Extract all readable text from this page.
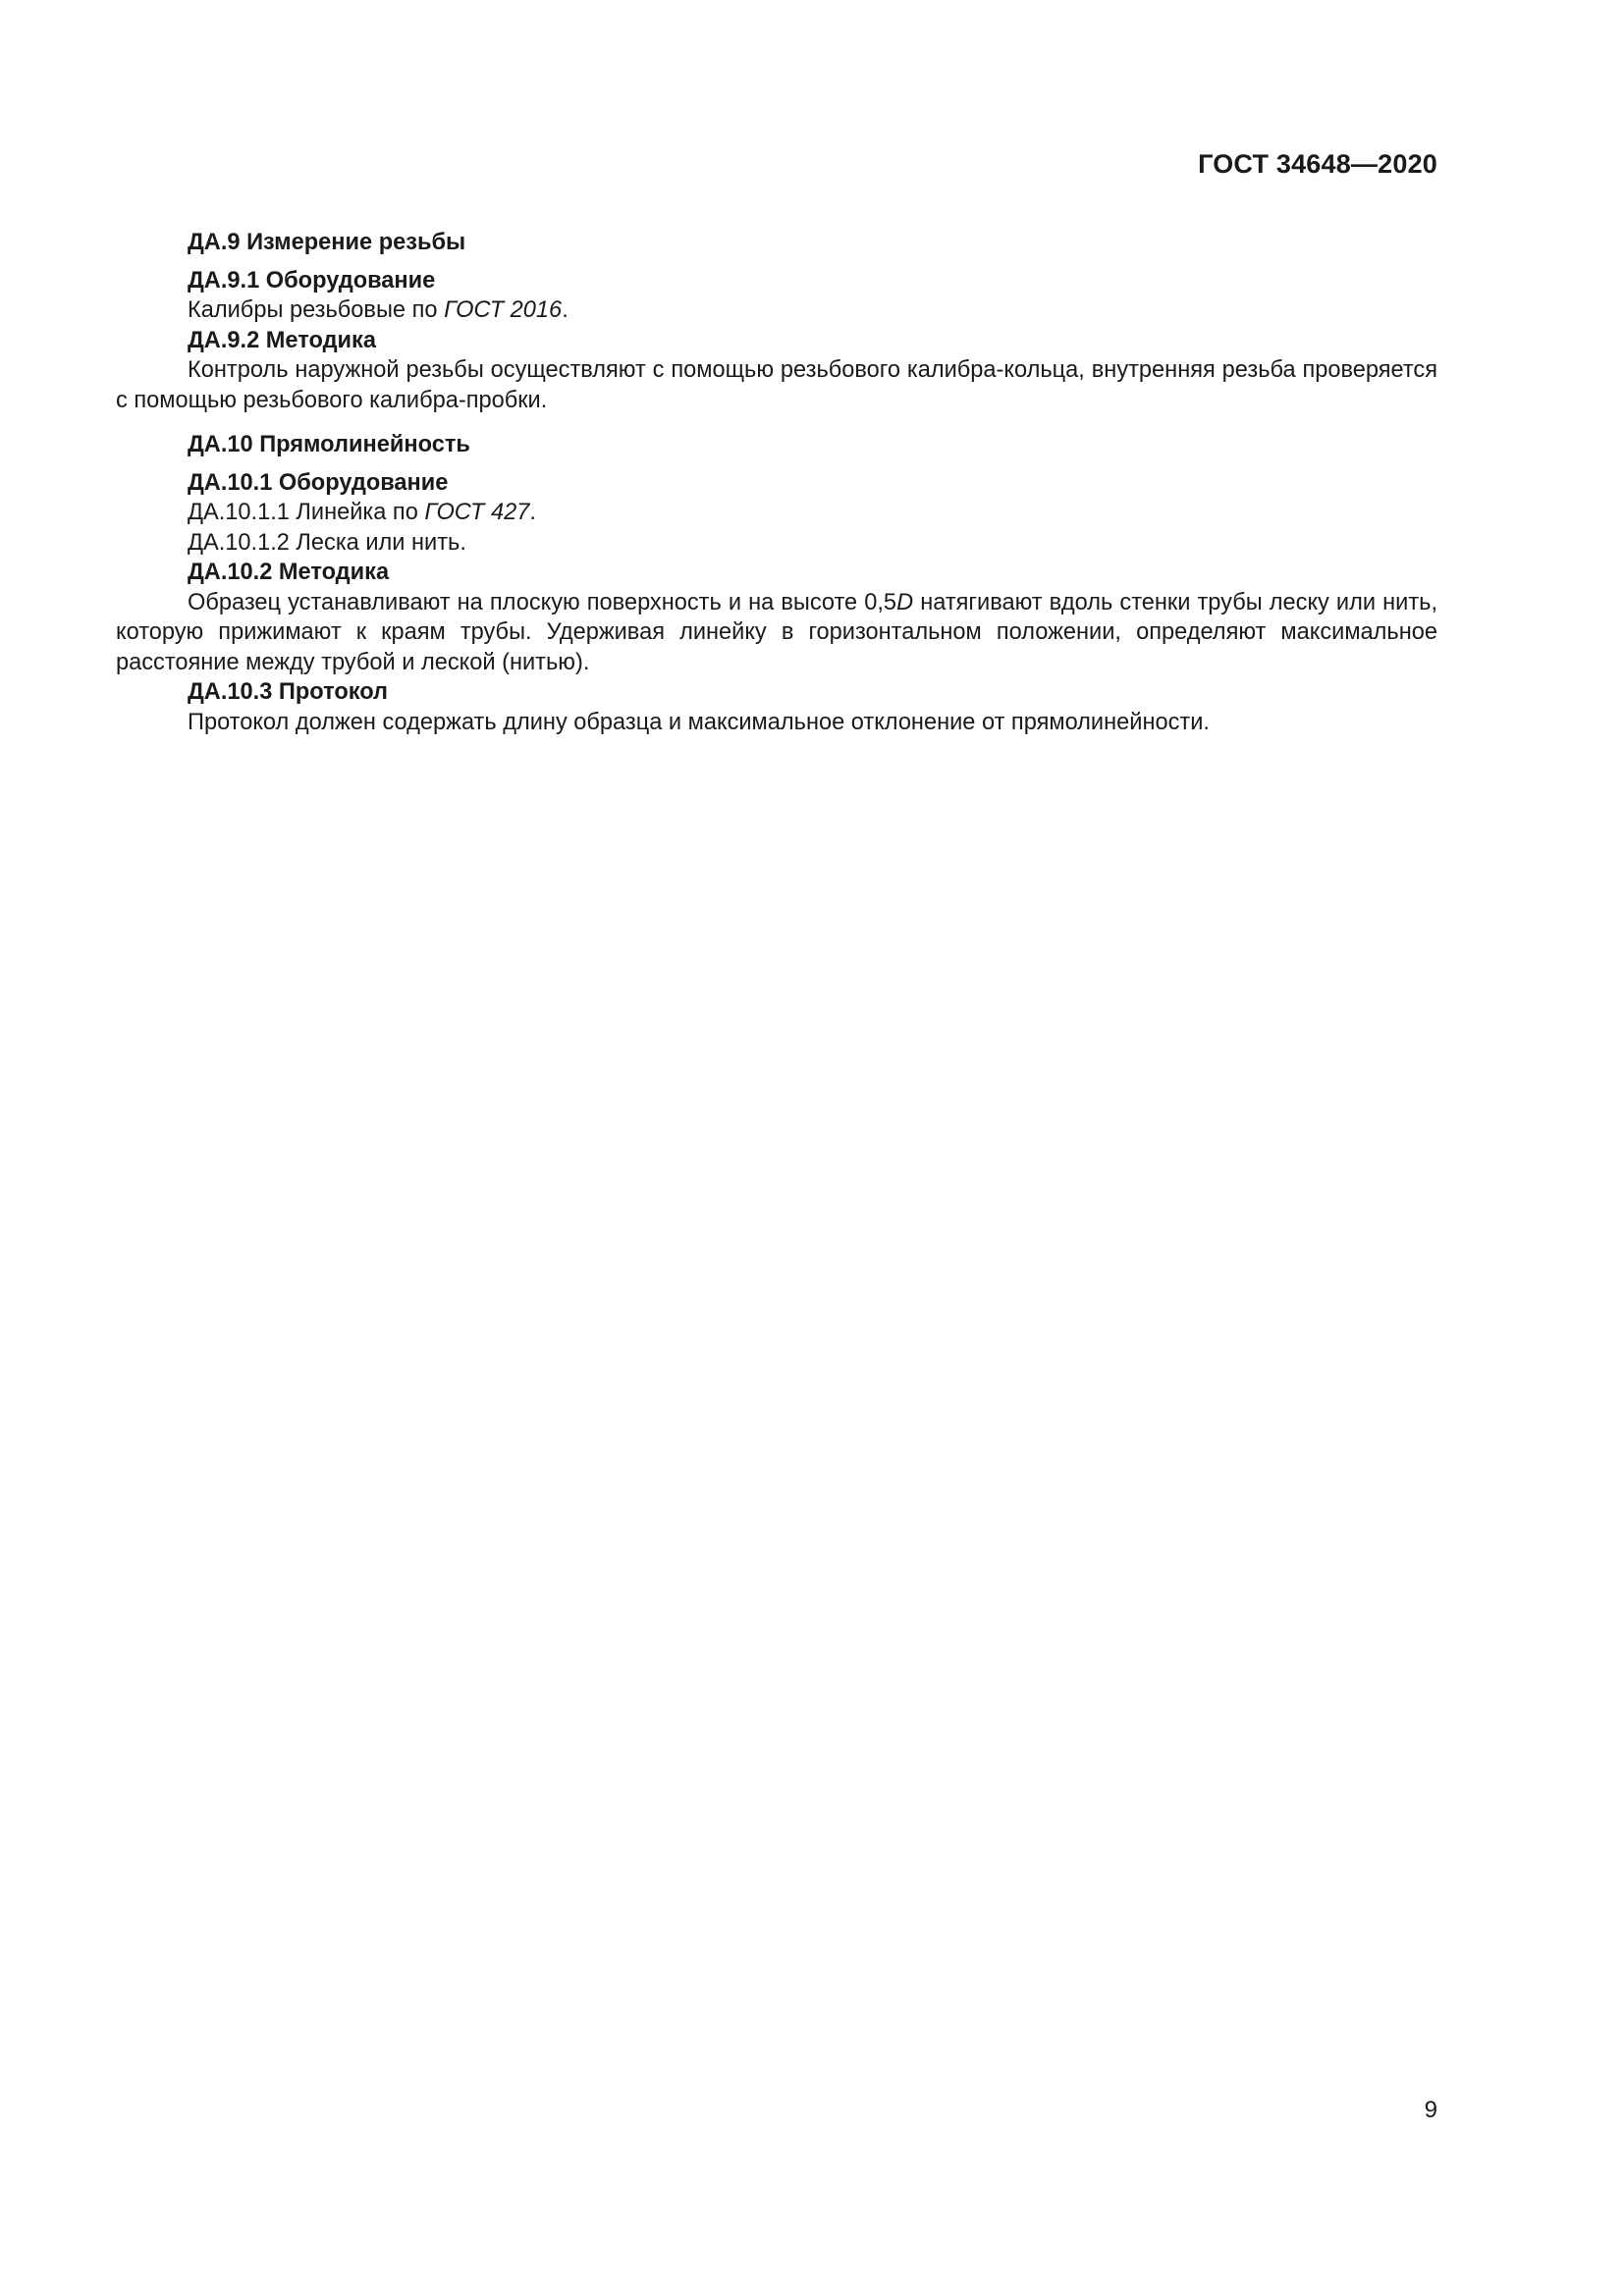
ГОСТ 34648—2020
ДА.9 Измерение резьбы
ДА.9.1 Оборудование
Калибры резьбовые по ГОСТ 2016.
ДА.9.2 Методика
Контроль наружной резьбы осуществляют с помощью резьбового калибра-кольца, внутренняя резьба проверяется с помощью резьбового калибра-пробки.
ДА.10 Прямолинейность
ДА.10.1 Оборудование
ДА.10.1.1 Линейка по ГОСТ 427.
ДА.10.1.2 Леска или нить.
ДА.10.2 Методика
Образец устанавливают на плоскую поверхность и на высоте 0,5D натягивают вдоль стенки трубы леску или нить, которую прижимают к краям трубы. Удерживая линейку в горизонтальном положении, определяют максимальное расстояние между трубой и леской (нитью).
ДА.10.3 Протокол
Протокол должен содержать длину образца и максимальное отклонение от прямолинейности.
9
